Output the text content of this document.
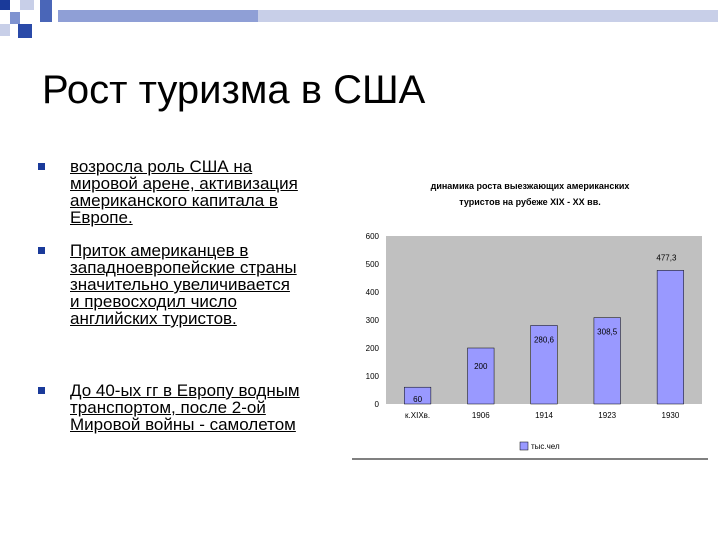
Рост туризма в США
возросла роль США на
мировой арене, активизация
американского капитала в
Европе.
Приток американцев в
западноевропейские страны
значительно увеличивается
и превосходил число
английских туристов.
До 40-ых гг в Европу водным
транспортом, после 2-ой
Мировой войны - самолетом
динамика роста выезжающих американских
туристов на рубеже XIX - XX вв.
0
100
200
300
400
500
600
к.XIXв.	1906	1914	1923	1930
60
200
280,6
308,5
477,3
тыс.чел
